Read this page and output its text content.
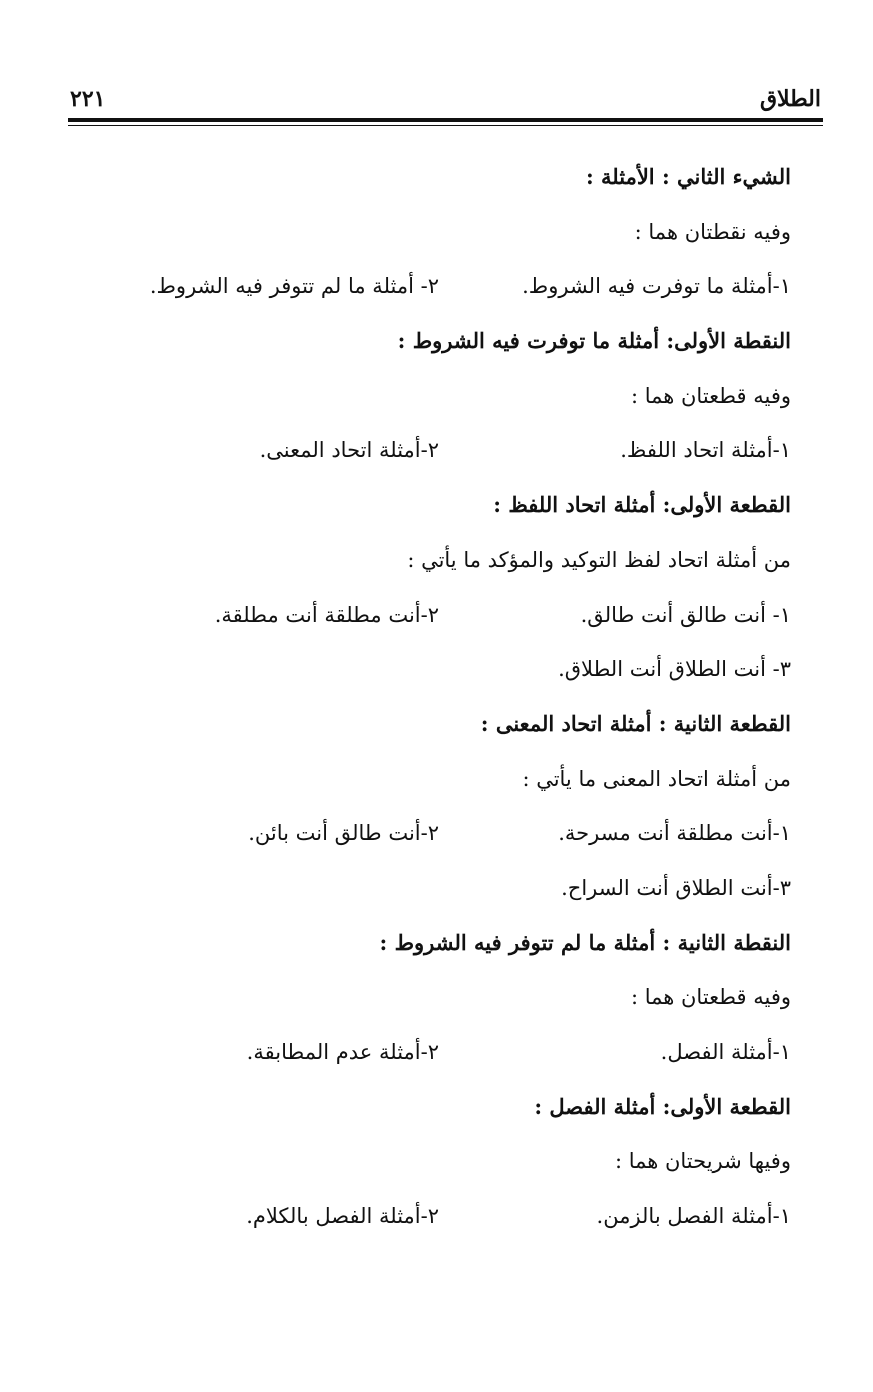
الطلاق
٢٢١
الشيء الثاني : الأمثلة :
وفيه نقطتان هما :
١-أمثلة ما توفرت فيه الشروط.
٢- أمثلة ما لم تتوفر فيه الشروط.
النقطة الأولى: أمثلة ما توفرت فيه الشروط :
وفيه قطعتان هما :
١-أمثلة اتحاد اللفظ.
٢-أمثلة اتحاد المعنى.
القطعة الأولى: أمثلة اتحاد اللفظ :
من أمثلة اتحاد لفظ التوكيد والمؤكد ما يأتي :
١- أنت طالق أنت طالق.
٢-أنت مطلقة أنت مطلقة.
٣- أنت الطلاق أنت الطلاق.
القطعة الثانية : أمثلة اتحاد المعنى :
من أمثلة اتحاد المعنى ما يأتي :
١-أنت مطلقة أنت مسرحة.
٢-أنت طالق أنت بائن.
٣-أنت الطلاق أنت السراح.
النقطة الثانية : أمثلة ما لم تتوفر فيه الشروط :
وفيه قطعتان هما :
١-أمثلة الفصل.
٢-أمثلة عدم المطابقة.
القطعة الأولى: أمثلة الفصل :
وفيها شريحتان هما :
١-أمثلة الفصل بالزمن.
٢-أمثلة الفصل بالكلام.
